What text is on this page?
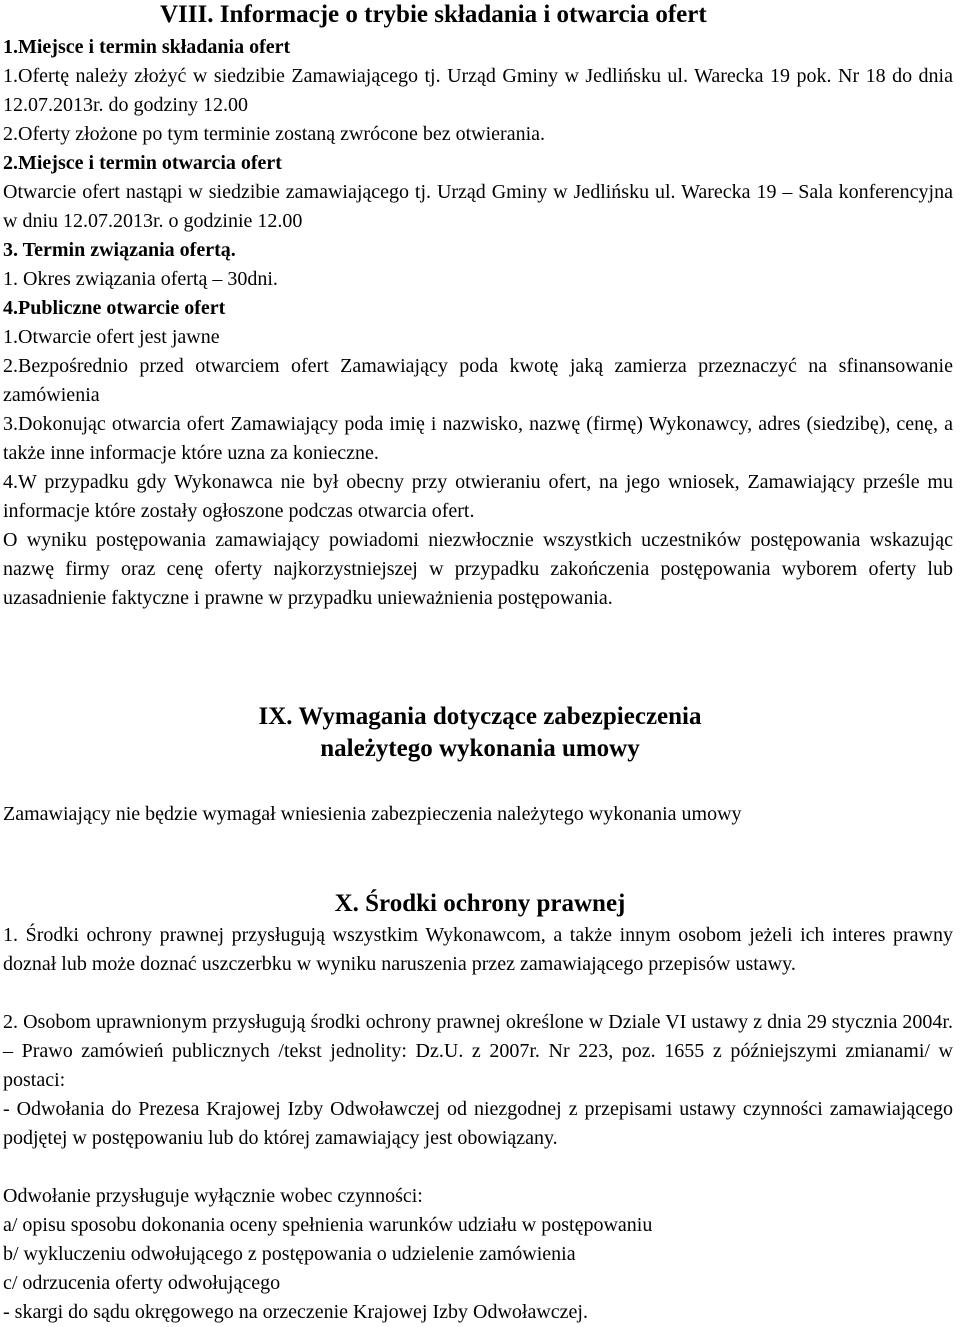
VIII. Informacje o trybie składania i otwarcia ofert
1.Miejsce i termin składania ofert
1.Ofertę należy złożyć w siedzibie Zamawiającego tj. Urząd Gminy w Jedlińsku ul. Warecka 19 pok. Nr 18 do dnia 12.07.2013r. do godziny 12.00
2.Oferty złożone po tym terminie zostaną zwrócone bez otwierania.
2.Miejsce i termin otwarcia ofert
Otwarcie ofert nastąpi w siedzibie zamawiającego tj. Urząd Gminy w Jedlińsku ul. Warecka 19 – Sala konferencyjna w dniu 12.07.2013r. o godzinie 12.00
3. Termin związania ofertą.
1. Okres związania ofertą – 30dni.
4.Publiczne otwarcie ofert
1.Otwarcie ofert jest jawne
2.Bezpośrednio przed otwarciem ofert Zamawiający poda kwotę jaką zamierza przeznaczyć na sfinansowanie zamówienia
3.Dokonując otwarcia ofert Zamawiający poda imię i nazwisko, nazwę (firmę) Wykonawcy, adres (siedzibę), cenę, a także inne informacje które uzna za konieczne.
4.W przypadku gdy Wykonawca nie był obecny przy otwieraniu ofert, na jego wniosek, Zamawiający prześle mu informacje które zostały ogłoszone podczas otwarcia ofert.
O wyniku postępowania zamawiający powiadomi niezwłocznie wszystkich uczestników postępowania wskazując nazwę firmy oraz cenę oferty najkorzystniejszej w przypadku zakończenia postępowania wyborem oferty lub uzasadnienie faktyczne i prawne w przypadku unieważnienia postępowania.
IX. Wymagania dotyczące zabezpieczenia
należytego wykonania umowy
Zamawiający nie będzie wymagał wniesienia zabezpieczenia należytego wykonania umowy
X. Środki ochrony prawnej
1. Środki ochrony prawnej przysługują wszystkim Wykonawcom, a także innym osobom jeżeli ich interes prawny doznał lub może doznać uszczerbku w wyniku naruszenia przez zamawiającego przepisów ustawy.
2. Osobom uprawnionym przysługują środki ochrony prawnej określone w Dziale VI ustawy z dnia 29 stycznia 2004r. – Prawo zamówień publicznych /tekst jednolity: Dz.U. z 2007r. Nr 223, poz. 1655 z późniejszymi zmianami/ w postaci:
- Odwołania do Prezesa Krajowej Izby Odwoławczej od niezgodnej z przepisami ustawy czynności zamawiającego podjętej w postępowaniu lub do której zamawiający jest obowiązany.
Odwołanie przysługuje wyłącznie wobec czynności:
a/ opisu sposobu dokonania oceny spełnienia warunków udziału w postępowaniu
b/ wykluczeniu odwołującego z postępowania o udzielenie zamówienia
c/ odrzucenia oferty odwołującego
- skargi do sądu okręgowego na orzeczenie Krajowej Izby Odwoławczej.
